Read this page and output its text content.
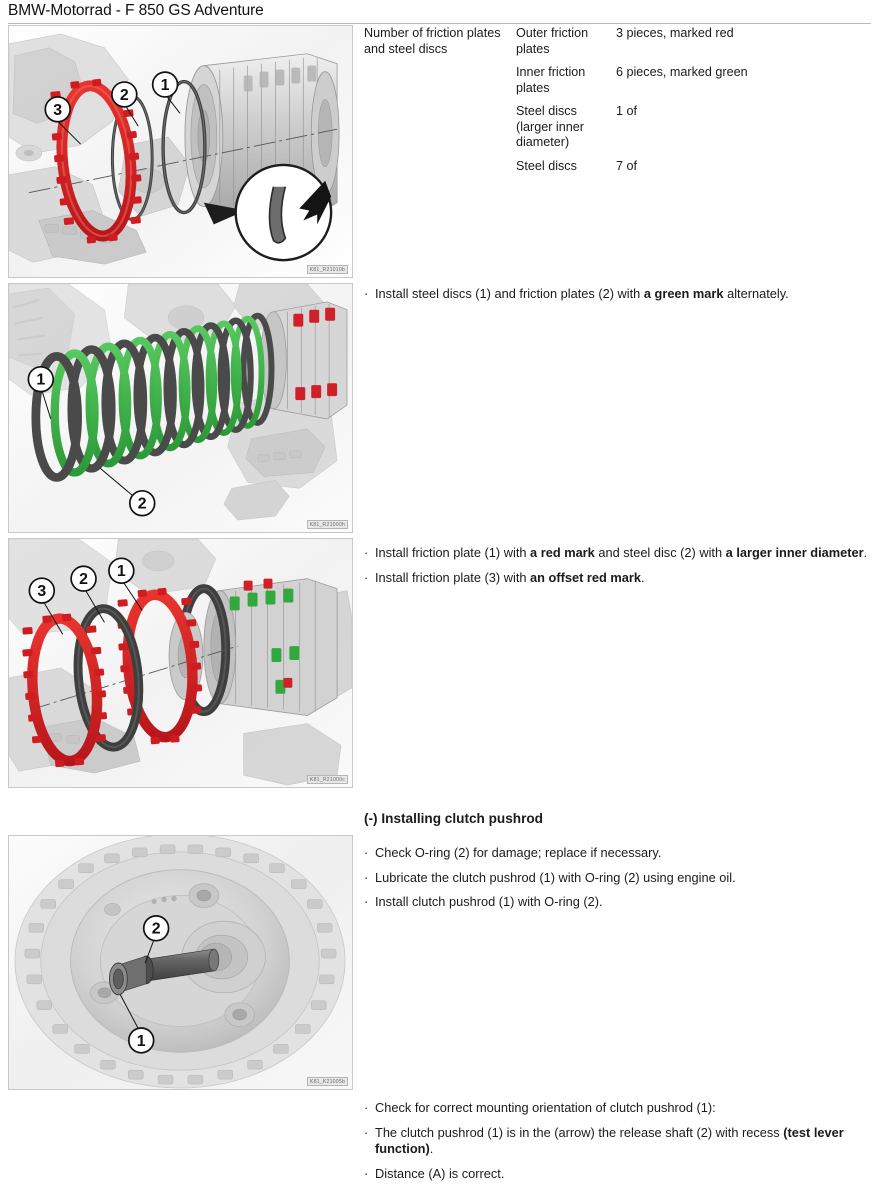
BMW-Motorrad - F 850 GS Adventure
3
2
1
K81_R21010b
1
2
K81_R21000h
3
2 1
K81_R21000c
2
1
K81_K21005b
Number of friction plates and steel discs
Outer friction plates
3 pieces, marked red
Inner friction plates
6 pieces, marked green
Steel discs (larger inner diameter)
1 of
Steel discs	7 of
· Install steel discs (1) and friction plates (2) with a green mark alternately.
· Install friction plate (1) with a red mark and steel disc (2) with a larger inner diameter.
· Install friction plate (3) with an offset red mark.
(-) Installing clutch pushrod
· Check O-ring (2) for damage; replace if necessary.
· Lubricate the clutch pushrod (1) with O-ring (2) using engine oil.
· Install clutch pushrod (1) with O-ring (2).
· Check for correct mounting orientation of clutch pushrod (1):
· The clutch pushrod (1) is in the (arrow) the release shaft (2) with recess (test lever function).
· Distance (A) is correct.
